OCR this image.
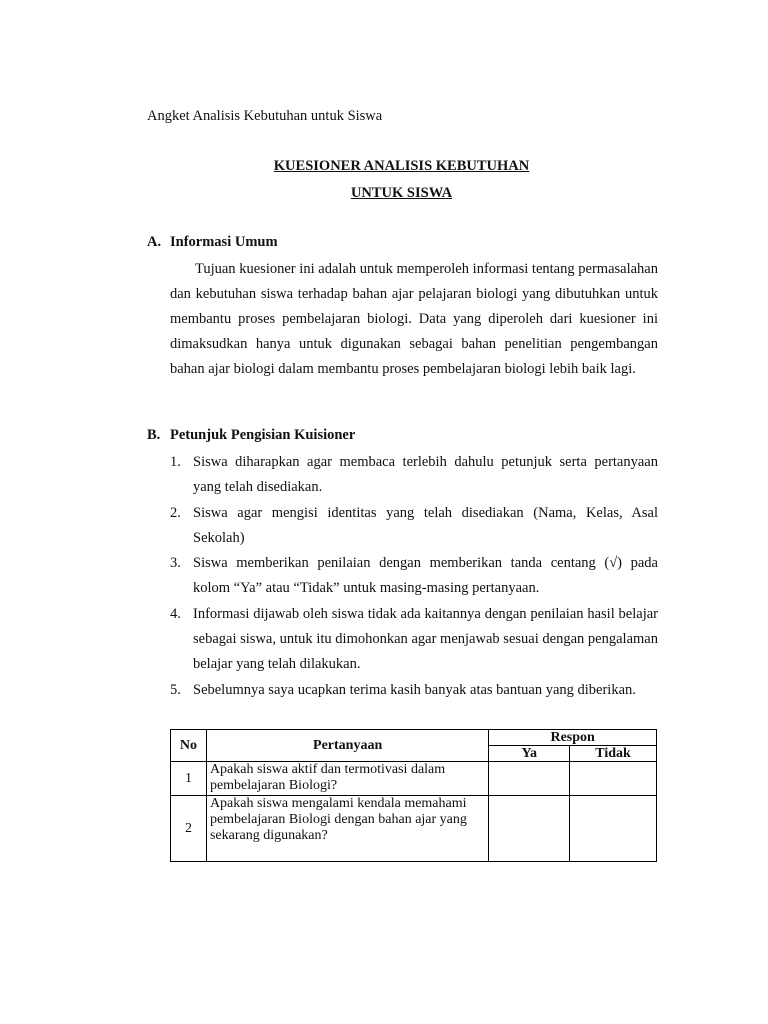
Angket Analisis Kebutuhan untuk Siswa
KUESIONER ANALISIS KEBUTUHAN
UNTUK SISWA
A. Informasi Umum

Tujuan kuesioner ini adalah untuk memperoleh informasi tentang permasalahan dan kebutuhan siswa terhadap bahan ajar pelajaran biologi yang dibutuhkan untuk membantu proses pembelajaran biologi. Data yang diperoleh dari kuesioner ini dimaksudkan hanya untuk digunakan sebagai bahan penelitian pengembangan bahan ajar biologi dalam membantu proses pembelajaran biologi lebih baik lagi.

B. Petunjuk Pengisian Kuisioner
1. Siswa diharapkan agar membaca terlebih dahulu petunjuk serta pertanyaan yang telah disediakan.
2. Siswa agar mengisi identitas yang telah disediakan (Nama, Kelas, Asal Sekolah)
3. Siswa memberikan penilaian dengan memberikan tanda centang (√) pada kolom “Ya” atau “Tidak” untuk masing-masing pertanyaan.
4. Informasi dijawab oleh siswa tidak ada kaitannya dengan penilaian hasil belajar sebagai siswa, untuk itu dimohonkan agar menjawab sesuai dengan pengalaman belajar yang telah dilakukan.
5. Sebelumnya saya ucapkan terima kasih banyak atas bantuan yang diberikan.
No	Pertanyaan	Respon	
		Ya	Tidak
1	Apakah siswa aktif dan termotivasi dalam pembelajaran Biologi?		
2	Apakah siswa mengalami kendala memahami pembelajaran Biologi dengan bahan ajar yang sekarang digunakan?		
